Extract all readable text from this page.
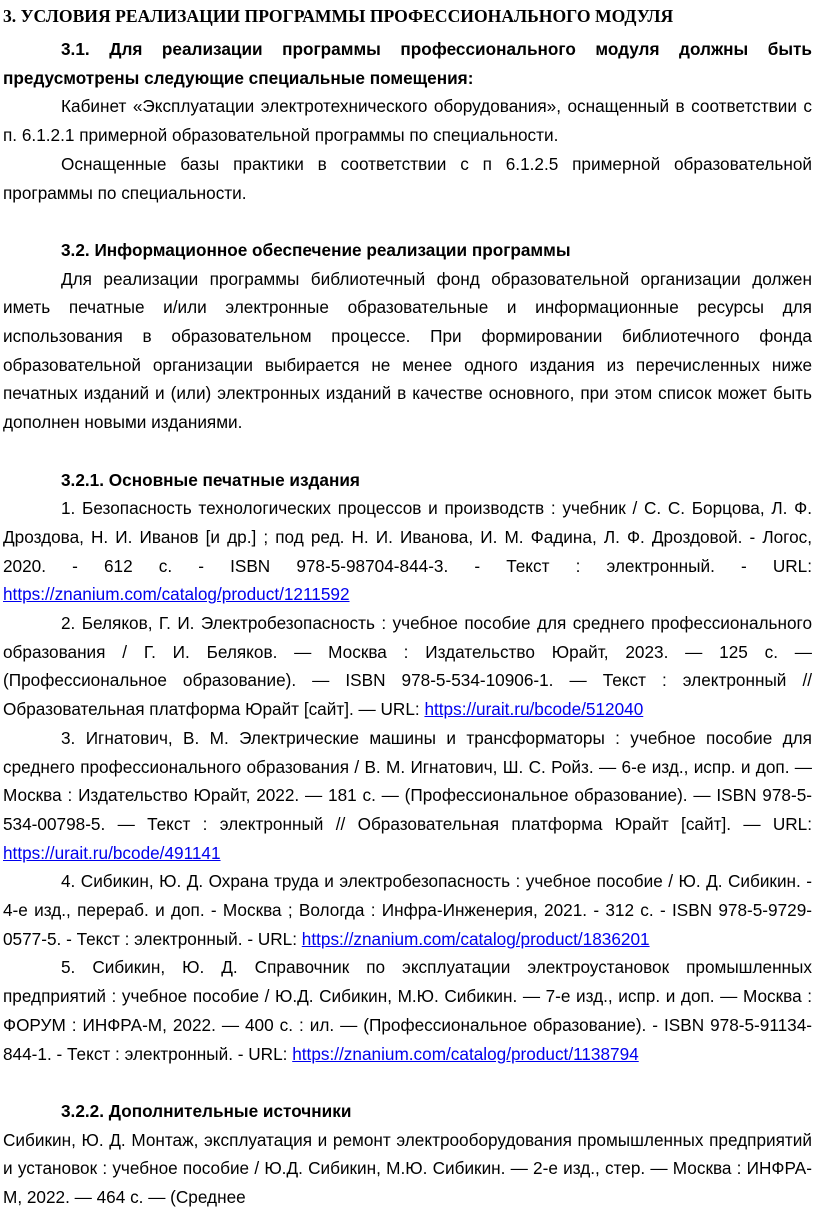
3. УСЛОВИЯ РЕАЛИЗАЦИИ ПРОГРАММЫ ПРОФЕССИОНАЛЬНОГО МОДУЛЯ

3.1. Для реализации программы профессионального модуля должны быть предусмотрены следующие специальные помещения:

Кабинет «Эксплуатации электротехнического оборудования», оснащенный в соответствии с п. 6.1.2.1 примерной образовательной программы по специальности.

Оснащенные базы практики в соответствии с п 6.1.2.5 примерной образовательной программы по специальности.

3.2. Информационное обеспечение реализации программы

Для реализации программы библиотечный фонд образовательной организации должен иметь печатные и/или электронные образовательные и информационные ресурсы для использования в образовательном процессе. При формировании библиотечного фонда образовательной организации выбирается не менее одного издания из перечисленных ниже печатных изданий и (или) электронных изданий в качестве основного, при этом список может быть дополнен новыми изданиями.

3.2.1. Основные печатные издания

1. Безопасность технологических процессов и производств : учебник / С. С. Борцова, Л. Ф. Дроздова, Н. И. Иванов [и др.] ; под ред. Н. И. Иванова, И. М. Фадина, Л. Ф. Дроздовой. - Логос, 2020. - 612 с. - ISBN 978-5-98704-844-3. - Текст : электронный. - URL: https://znanium.com/catalog/product/1211592

2. Беляков, Г. И. Электробезопасность : учебное пособие для среднего профессионального образования / Г. И. Беляков. — Москва : Издательство Юрайт, 2023. — 125 с. — (Профессиональное образование). — ISBN 978-5-534-10906-1. — Текст : электронный // Образовательная платформа Юрайт [сайт]. — URL: https://urait.ru/bcode/512040

3. Игнатович, В. М. Электрические машины и трансформаторы : учебное пособие для среднего профессионального образования / В. М. Игнатович, Ш. С. Ройз. — 6-е изд., испр. и доп. — Москва : Издательство Юрайт, 2022. — 181 с. — (Профессиональное образование). — ISBN 978-5-534-00798-5. — Текст : электронный // Образовательная платформа Юрайт [сайт]. — URL: https://urait.ru/bcode/491141

4. Сибикин, Ю. Д. Охрана труда и электробезопасность : учебное пособие / Ю. Д. Сибикин. - 4-е изд., перераб. и доп. - Москва ; Вологда : Инфра-Инженерия, 2021. - 312 с. - ISBN 978-5-9729-0577-5. - Текст : электронный. - URL: https://znanium.com/catalog/product/1836201

5. Сибикин, Ю. Д. Справочник по эксплуатации электроустановок промышленных предприятий : учебное пособие / Ю.Д. Сибикин, М.Ю. Сибикин. — 7-е изд., испр. и доп. — Москва : ФОРУМ : ИНФРА-М, 2022. — 400 с. : ил. — (Профессиональное образование). - ISBN 978-5-91134-844-1. - Текст : электронный. - URL: https://znanium.com/catalog/product/1138794

3.2.2. Дополнительные источники

Сибикин, Ю. Д. Монтаж, эксплуатация и ремонт электрооборудования промышленных предприятий и установок : учебное пособие / Ю.Д. Сибикин, М.Ю. Сибикин. — 2-е изд., стер. — Москва : ИНФРА-М, 2022. — 464 с. — (Среднее
